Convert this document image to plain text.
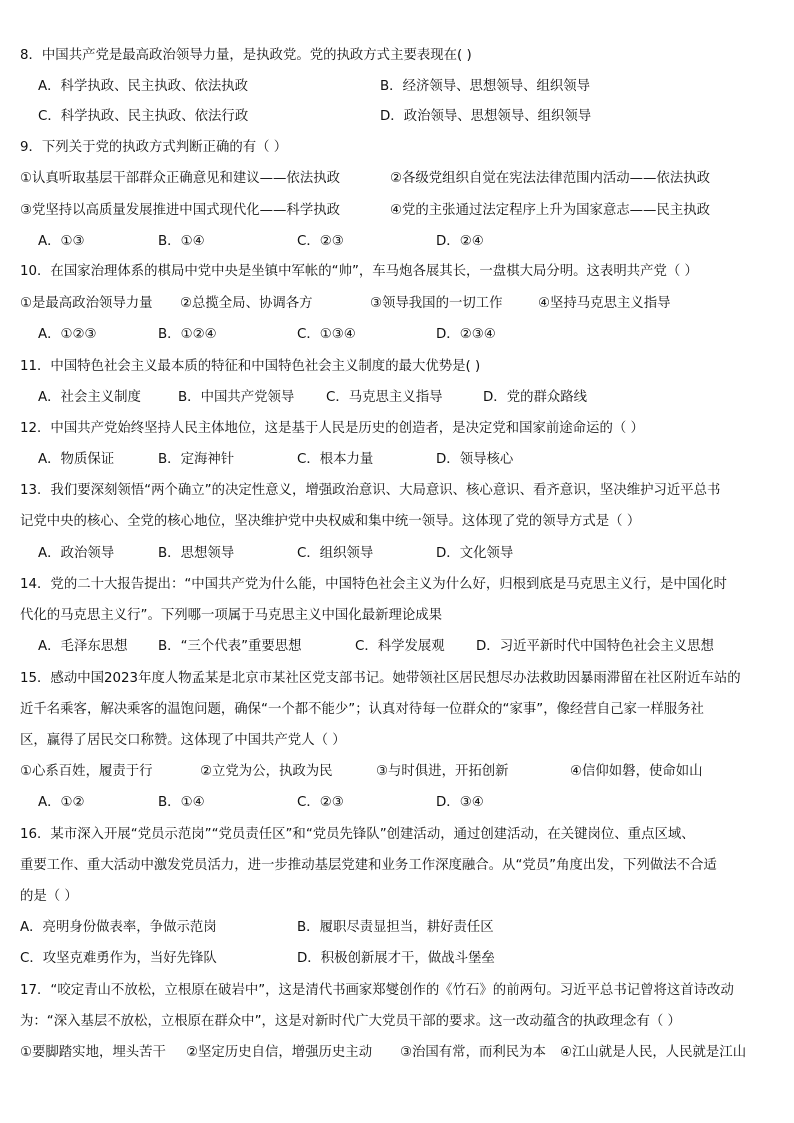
8．中国共产党是最高政治领导力量，是执政党。党的执政方式主要表现在( )
A．科学执政、民主执政、依法执政	B．经济领导、思想领导、组织领导
C．科学执政、民主执政、依法行政	D．政治领导、思想领导、组织领导
9．下列关于党的执政方式判断正确的有（ ）
①认真听取基层干部群众正确意见和建议——依法执政	②各级党组织自觉在宪法法律范围内活动——依法执政
③党坚持以高质量发展推进中国式现代化——科学执政	④党的主张通过法定程序上升为国家意志——民主执政
A．①③	B．①④	C．②③	D．②④
10．在国家治理体系的棋局中党中央是坐镇中军帐的“帅”，车马炮各展其长，一盘棋大局分明。这表明共产党（ ）
①是最高政治领导力量 ②总揽全局、协调各方	③领导我国的一切工作	④坚持马克思主义指导
A．①②③	B．①②④	C．①③④	D．②③④
11．中国特色社会主义最本质的特征和中国特色社会主义制度的最大优势是( )
A．社会主义制度	B．中国共产党领导 C．马克思主义指导	D．党的群众路线
12．中国共产党始终坚持人民主体地位，这是基于人民是历史的创造者，是决定党和国家前途命运的（ ）
A．物质保证	B．定海神针	C．根本力量	D．领导核心
13．我们要深刻领悟“两个确立”的决定性意义，增强政治意识、大局意识、核心意识、看齐意识，坚决维护习近平总书
记党中央的核心、全党的核心地位，坚决维护党中央权威和集中统一领导。这体现了党的领导方式是（ ）
A．政治领导	B．思想领导	C．组织领导	D．文化领导
14．党的二十大报告提出：“中国共产党为什么能，中国特色社会主义为什么好，归根到底是马克思主义行，是中国化时
代化的马克思主义行”。下列哪一项属于马克思主义中国化最新理论成果
A．毛泽东思想 B．“三个代表”重要思想	C．科学发展观 D．习近平新时代中国特色社会主义思想
15．感动中国2023年度人物孟某是北京市某社区党支部书记。她带领社区居民想尽办法救助因暴雨滞留在社区附近车站的
近千名乘客，解决乘客的温饱问题，确保“一个都不能少”；认真对待每一位群众的“家事”，像经营自己家一样服务社
区，赢得了居民交口称赞。这体现了中国共产党人（ ）
①心系百姓，履责于行	②立党为公，执政为民	③与时俱进，开拓创新	④信仰如磐，使命如山
A．①②	B．①④	C．②③	D．③④
16．某市深入开展“党员示范岗”“党员责任区”和“党员先锋队”创建活动，通过创建活动，在关键岗位、重点区域、
重要工作、重大活动中激发党员活力，进一步推动基层党建和业务工作深度融合。从“党员”角度出发，下列做法不合适
的是（ ）
A．亮明身份做表率，争做示范岗	B．履职尽责显担当，耕好责任区
C．攻坚克难勇作为，当好先锋队	D．积极创新展才干，做战斗堡垒
17．“咬定青山不放松，立根原在破岩中”，这是清代书画家郑燮创作的《竹石》的前两句。习近平总书记曾将这首诗改动
为：“深入基层不放松，立根原在群众中”，这是对新时代广大党员干部的要求。这一改动蕴含的执政理念有（ ）
①要脚踏实地，埋头苦干 ②坚定历史自信，增强历史主动 ③治国有常，而利民为本 ④江山就是人民，人民就是江山
